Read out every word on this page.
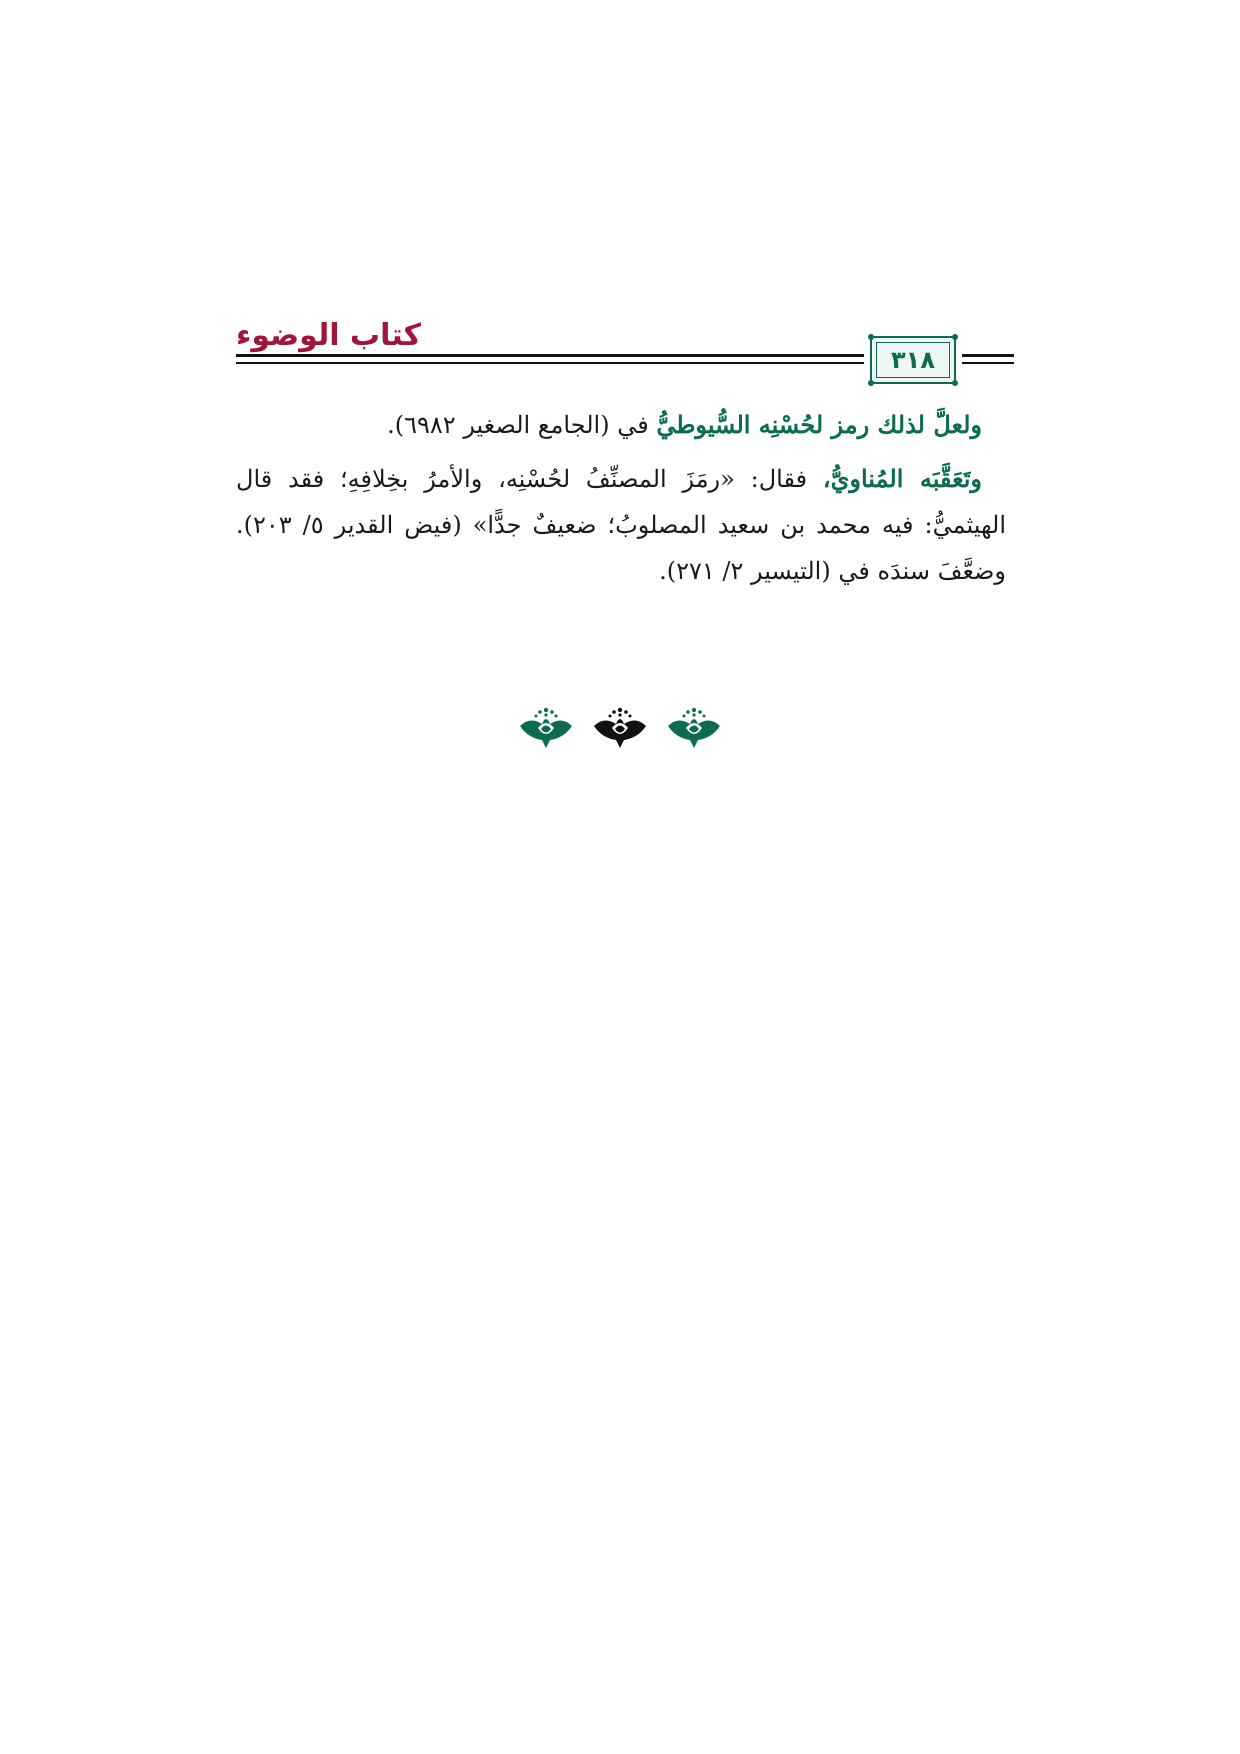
كتاب الوضوء
٣١٨

ولعلَّ لذلك رمز لحُسْنِه السُّيوطيُّ في (الجامع الصغير ٦٩٨٢).

وتَعَقَّبَه المُناويُّ، فقال: «رمَزَ المصنِّفُ لحُسْنِه، والأمرُ بخِلافِهِ؛ فقد قال الهيثميُّ: فيه محمد بن سعيد المصلوبُ؛ ضعيفٌ جدًّا» (فيض القدير ٥/ ٢٠٣). وضعَّفَ سندَه في (التيسير ٢/ ٢٧١).
